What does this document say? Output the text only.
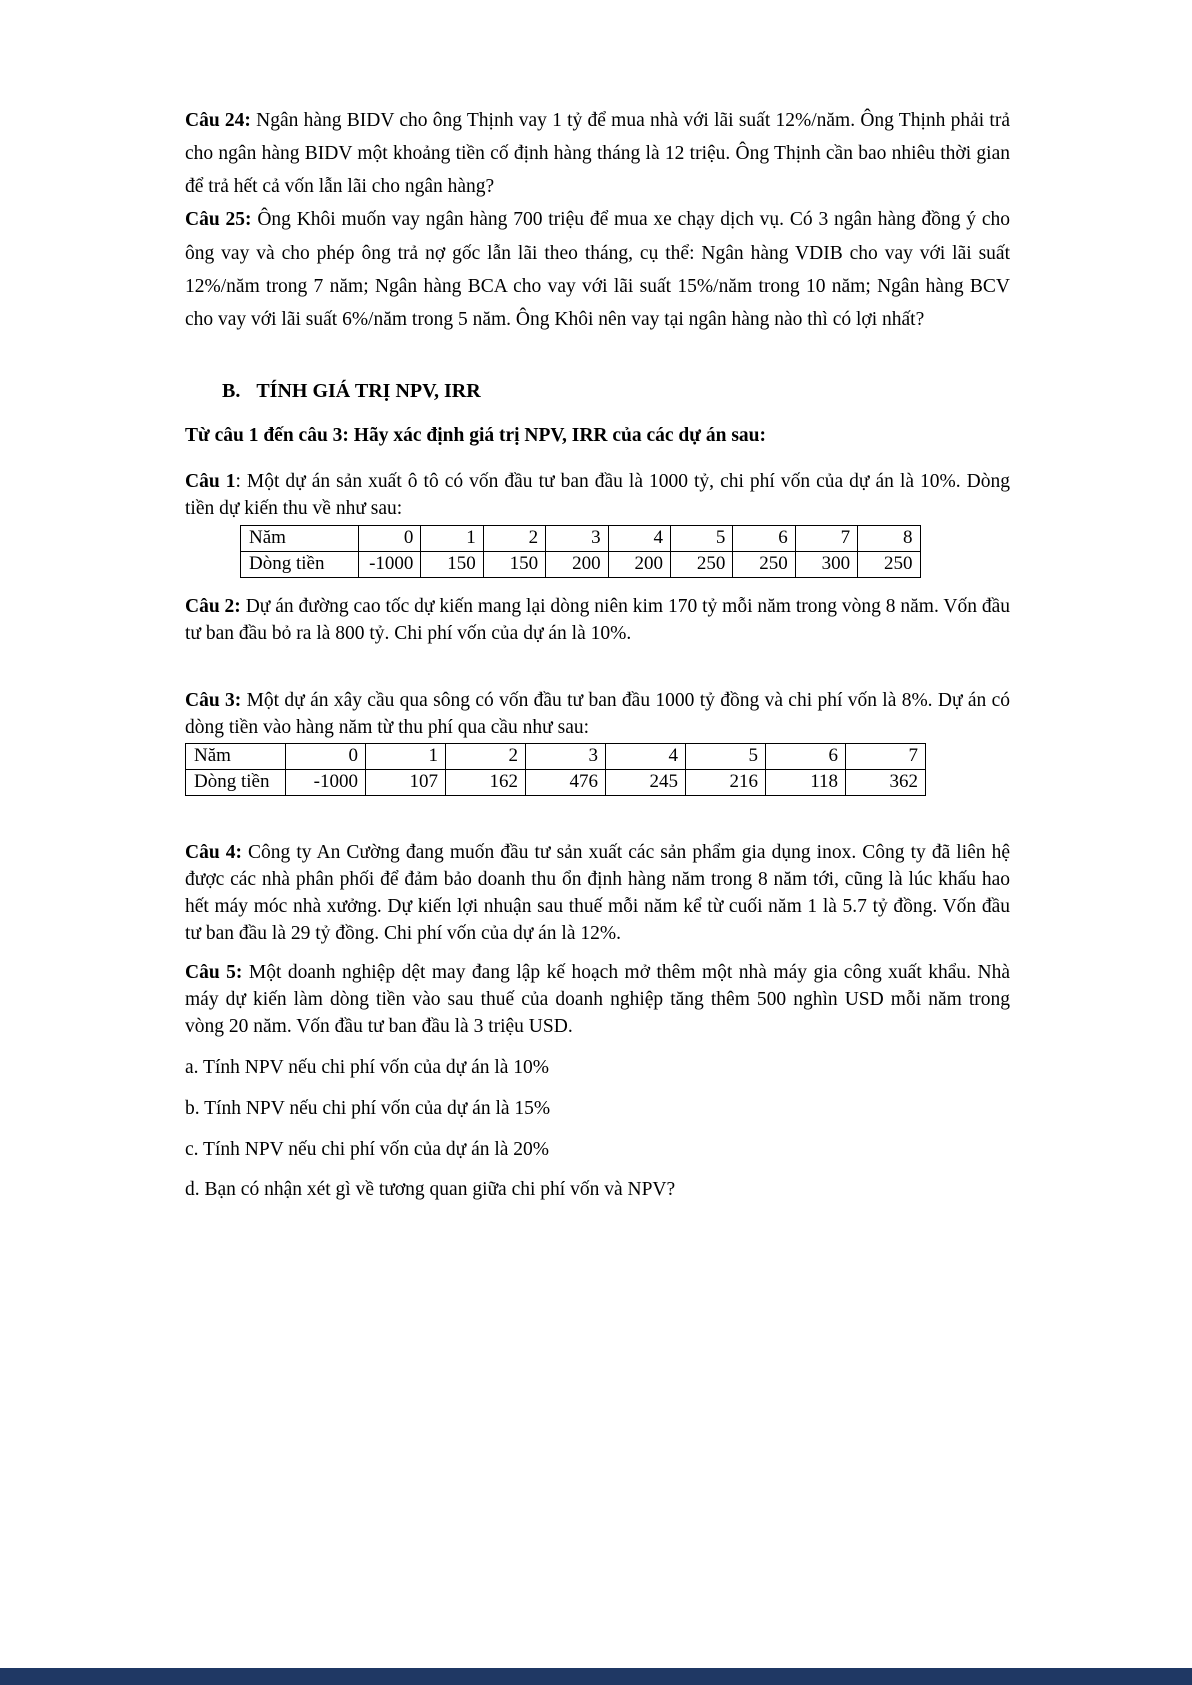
Câu 24: Ngân hàng BIDV cho ông Thịnh vay 1 tỷ để mua nhà với lãi suất 12%/năm. Ông Thịnh phải trả cho ngân hàng BIDV một khoảng tiền cố định hàng tháng là 12 triệu. Ông Thịnh cần bao nhiêu thời gian để trả hết cả vốn lẫn lãi cho ngân hàng?

Câu 25: Ông Khôi muốn vay ngân hàng 700 triệu để mua xe chạy dịch vụ. Có 3 ngân hàng đồng ý cho ông vay và cho phép ông trả nợ gốc lẫn lãi theo tháng, cụ thể: Ngân hàng VDIB cho vay với lãi suất 12%/năm trong 7 năm; Ngân hàng BCA cho vay với lãi suất 15%/năm trong 10 năm; Ngân hàng BCV cho vay với lãi suất 6%/năm trong 5 năm. Ông Khôi nên vay tại ngân hàng nào thì có lợi nhất?

B. TÍNH GIÁ TRỊ NPV, IRR

Từ câu 1 đến câu 3: Hãy xác định giá trị NPV, IRR của các dự án sau:

Câu 1: Một dự án sản xuất ô tô có vốn đầu tư ban đầu là 1000 tỷ, chi phí vốn của dự án là 10%. Dòng tiền dự kiến thu về như sau:

Năm	0	1	2	3	4	5	6	7	8
Dòng tiền	-1000	150	150	200	200	250	250	300	250

Câu 2: Dự án đường cao tốc dự kiến mang lại dòng niên kim 170 tỷ mỗi năm trong vòng 8 năm. Vốn đầu tư ban đầu bỏ ra là 800 tỷ. Chi phí vốn của dự án là 10%.

Câu 3: Một dự án xây cầu qua sông có vốn đầu tư ban đầu 1000 tỷ đồng và chi phí vốn là 8%. Dự án có dòng tiền vào hàng năm từ thu phí qua cầu như sau:

Năm	0	1	2	3	4	5	6	7
Dòng tiền	-1000	107	162	476	245	216	118	362

Câu 4: Công ty An Cường đang muốn đầu tư sản xuất các sản phẩm gia dụng inox. Công ty đã liên hệ được các nhà phân phối để đảm bảo doanh thu ổn định hàng năm trong 8 năm tới, cũng là lúc khấu hao hết máy móc nhà xưởng. Dự kiến lợi nhuận sau thuế mỗi năm kể từ cuối năm 1 là 5.7 tỷ đồng. Vốn đầu tư ban đầu là 29 tỷ đồng. Chi phí vốn của dự án là 12%.

Câu 5: Một doanh nghiệp dệt may đang lập kế hoạch mở thêm một nhà máy gia công xuất khẩu. Nhà máy dự kiến làm dòng tiền vào sau thuế của doanh nghiệp tăng thêm 500 nghìn USD mỗi năm trong vòng 20 năm. Vốn đầu tư ban đầu là 3 triệu USD.

a. Tính NPV nếu chi phí vốn của dự án là 10%

b. Tính NPV nếu chi phí vốn của dự án là 15%

c. Tính NPV nếu chi phí vốn của dự án là 20%

d. Bạn có nhận xét gì về tương quan giữa chi phí vốn và NPV?
